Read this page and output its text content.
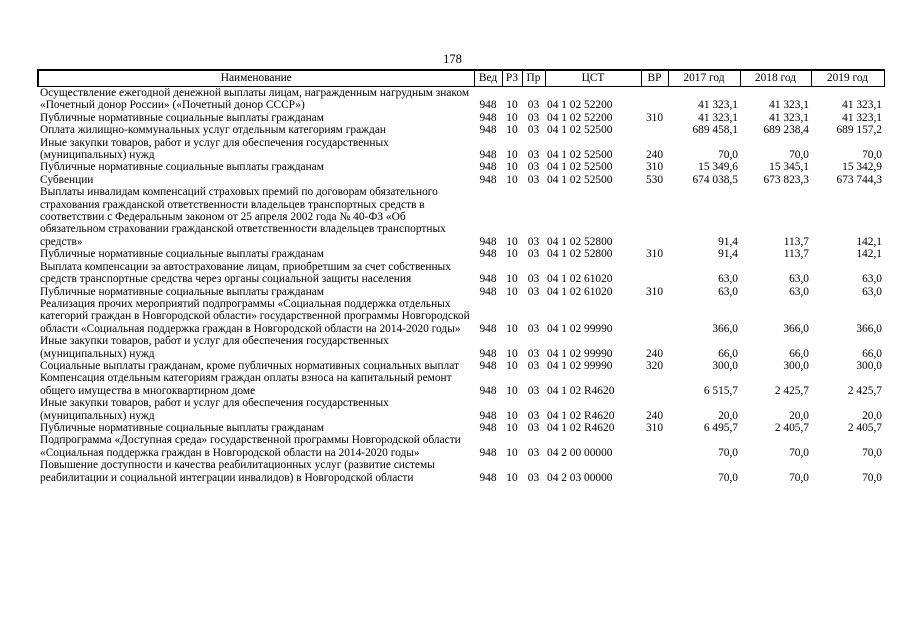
178
Наименование	Вед	РЗ	Пр	ЦСТ	ВР	2017 год	2018 год	2019 год
Осуществление ежегодной денежной выплаты лицам, награжденным нагрудным знаком «Почетный донор России» («Почетный донор СССР»)	948	10	03	04 1 02 52200		41 323,1	41 323,1	41 323,1
Публичные нормативные социальные выплаты гражданам	948	10	03	04 1 02 52200	310	41 323,1	41 323,1	41 323,1
Оплата жилищно-коммунальных услуг отдельным категориям граждан	948	10	03	04 1 02 52500		689 458,1	689 238,4	689 157,2
Иные закупки товаров, работ и услуг для обеспечения государственных (муниципальных) нужд	948	10	03	04 1 02 52500	240	70,0	70,0	70,0
Публичные нормативные социальные выплаты гражданам	948	10	03	04 1 02 52500	310	15 349,6	15 345,1	15 342,9
Субвенции	948	10	03	04 1 02 52500	530	674 038,5	673 823,3	673 744,3
Выплаты инвалидам компенсаций страховых премий по договорам обязательного страхования гражданской ответственности владельцев транспортных средств в соответствии с Федеральным законом от 25 апреля 2002 года № 40-ФЗ «Об обязательном страховании гражданской ответственности владельцев транспортных средств»	948	10	03	04 1 02 52800		91,4	113,7	142,1
Публичные нормативные социальные выплаты гражданам	948	10	03	04 1 02 52800	310	91,4	113,7	142,1
Выплата компенсации за автострахование лицам, приобретшим за счет собственных средств транспортные средства через органы социальной защиты населения	948	10	03	04 1 02 61020		63,0	63,0	63,0
Публичные нормативные социальные выплаты гражданам	948	10	03	04 1 02 61020	310	63,0	63,0	63,0
Реализация прочих мероприятий подпрограммы «Социальная поддержка отдельных категорий граждан в Новгородской области» государственной программы Новгородской области «Социальная поддержка граждан в Новгородской области на 2014-2020 годы»	948	10	03	04 1 02 99990		366,0	366,0	366,0
Иные закупки товаров, работ и услуг для обеспечения государственных (муниципальных) нужд	948	10	03	04 1 02 99990	240	66,0	66,0	66,0
Социальные выплаты гражданам, кроме публичных нормативных социальных выплат	948	10	03	04 1 02 99990	320	300,0	300,0	300,0
Компенсация отдельным категориям граждан оплаты взноса на капитальный ремонт общего имущества в многоквартирном доме	948	10	03	04 1 02 R4620		6 515,7	2 425,7	2 425,7
Иные закупки товаров, работ и услуг для обеспечения государственных (муниципальных) нужд	948	10	03	04 1 02 R4620	240	20,0	20,0	20,0
Публичные нормативные социальные выплаты гражданам	948	10	03	04 1 02 R4620	310	6 495,7	2 405,7	2 405,7
Подпрограмма «Доступная среда» государственной программы Новгородской области «Социальная поддержка граждан в Новгородской области на 2014-2020 годы»	948	10	03	04 2 00 00000		70,0	70,0	70,0
Повышение доступности и качества реабилитационных услуг (развитие системы реабилитации и социальной интеграции инвалидов) в Новгородской области	948	10	03	04 2 03 00000		70,0	70,0	70,0
